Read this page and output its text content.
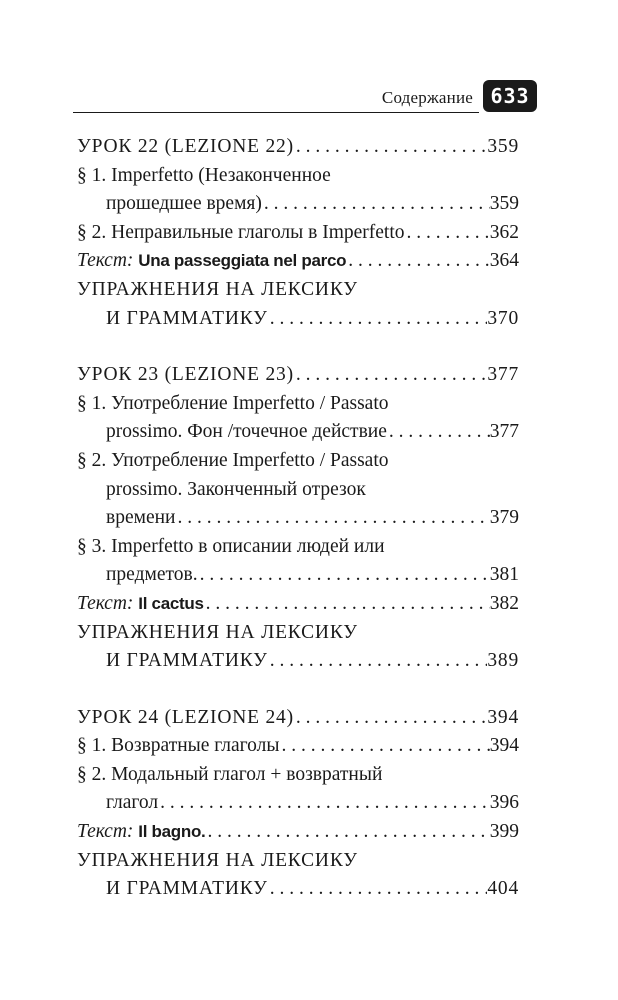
Содержание 633
УРОК 22 (LEZIONE 22) . . .	359
§ 1. Imperfetto (Незаконченное
прошедшее время) . . .	359
§ 2. Неправильные глаголы в Imperfetto . . .	362
Текст: Una passeggiata nel parco . . .	364
УПРАЖНЕНИЯ НА ЛЕКСИКУ
И ГРАММАТИКУ . . .	370
УРОК 23 (LEZIONE 23) . . .	377
§ 1. Употребление Imperfetto / Passato
prossimo. Фон /точечное действие . . .	377
§ 2. Употребление Imperfetto / Passato
prossimo. Законченный отрезок
времени . . .	379
§ 3. Imperfetto в описании людей или
предметов. . . .	381
Текст: Il cactus . . .	382
УПРАЖНЕНИЯ НА ЛЕКСИКУ
И ГРАММАТИКУ . . .	389
УРОК 24 (LEZIONE 24) . . .	394
§ 1. Возвратные глаголы . . .	394
§ 2. Модальный глагол + возвратный
глагол . . .	396
Текст: Il bagno. . . .	399
УПРАЖНЕНИЯ НА ЛЕКСИКУ
И ГРАММАТИКУ . . .	404
